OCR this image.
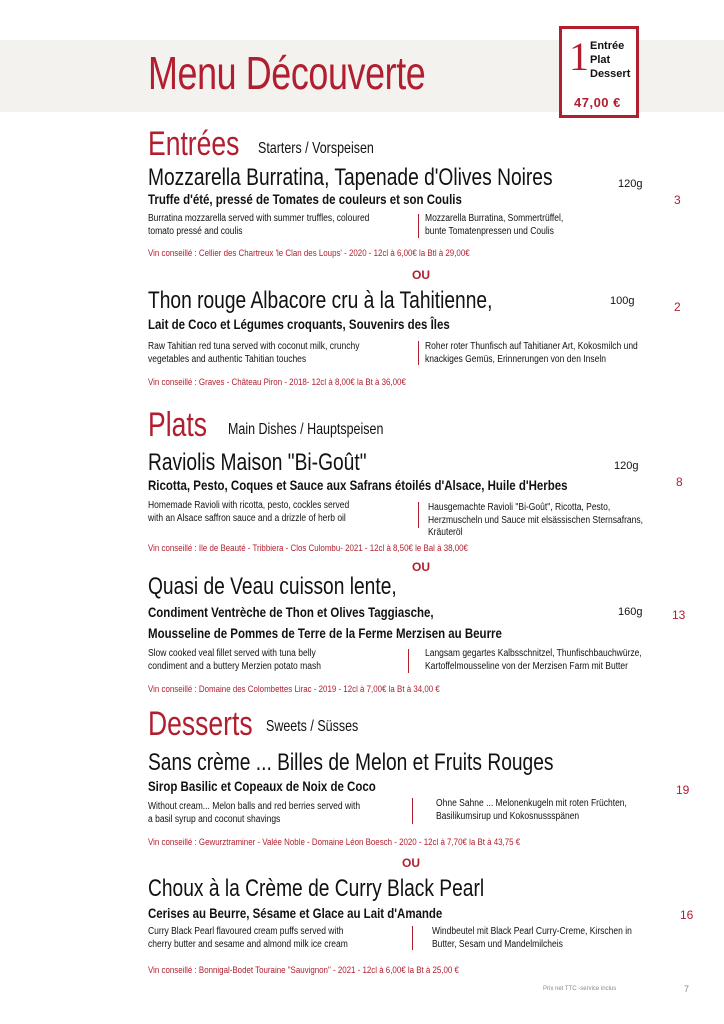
Menu Découverte	1 Entrée
Plat
Dessert
47,00 €
Entrées Starters / Vorspeisen
Mozzarella Burratina, Tapenade d'Olives Noires	120g
3
Truffe d'été, pressé de Tomates de couleurs et son Coulis
Burratina mozzarella served with summer truffles, coloured
tomato pressé and coulis
Mozzarella Burratina, Sommertrüffel,
bunte Tomatenpressen und Coulis
Vin conseillé : Cellier des Chartreux 'le Clan des Loups' - 2020 - 12cl à 6,00€ la Btl à 29,00€
OU
Thon rouge Albacore cru à la Tahitienne,	100g	2
Lait de Coco et Légumes croquants, Souvenirs des Îles
Raw Tahitian red tuna served with coconut milk, crunchy
vegetables and authentic Tahitian touches
Roher roter Thunfisch auf Tahitianer Art, Kokosmilch und
knackiges Gemüs, Erinnerungen von den Inseln
Vin conseillé : Graves - Château Piron - 2018- 12cl à 8,00€ la Bt à 36,00€
Plats Main Dishes / Hauptspeisen
Raviolis Maison "Bi-Goût"	120g
8
Ricotta, Pesto, Coques et Sauce aux Safrans étoilés d'Alsace, Huile d'Herbes
Homemade Ravioli with ricotta, pesto, cockles served
with an Alsace saffron sauce and a drizzle of herb oil
Hausgemachte Ravioli "Bi-Goût", Ricotta, Pesto,
Herzmuscheln und Sauce mit elsässischen Sternsafrans,
Kräuteröl
Vin conseillé : Ile de Beauté - Tribbiera - Clos Culombu- 2021 - 12cl à 8,50€ le Bal à 38,00€
OU
Quasi de Veau cuisson lente,
160g 13
Condiment Ventrèche de Thon et Olives Taggiasche,
Mousseline de Pommes de Terre de la Ferme Merzisen au Beurre
Slow cooked veal fillet served with tuna belly
condiment and a buttery Merzien potato mash
Langsam gegartes Kalbsschnitzel, Thunfischbauchwürze,
Kartoffelmousseline von der Merzisen Farm mit Butter
Vin conseillé : Domaine des Colombettes Lirac - 2019 - 12cl à 7,00€ la Bt à 34,00 €
Desserts Sweets / Süsses
Sans crème ... Billes de Melon et Fruits Rouges
19
Sirop Basilic et Copeaux de Noix de Coco
Without cream... Melon balls and red berries served with
a basil syrup and coconut shavings
Ohne Sahne ... Melonenkugeln mit roten Früchten,
Basilikumsirup und Kokosnussspänen
Vin conseillé : Gewurztraminer - Valée Noble - Domaine Léon Boesch - 2020 - 12cl à 7,70€ la Bt à 43,75 €
OU
Choux à la Crème de Curry Black Pearl
16
Cerises au Beurre, Sésame et Glace au Lait d'Amande
Curry Black Pearl flavoured cream puffs served with
cherry butter and sesame and almond milk ice cream
Windbeutel mit Black Pearl Curry-Creme, Kirschen in
Butter, Sesam und Mandelmilcheis
Vin conseillé : Bonnigal-Bodet Touraine "Sauvignon" - 2021 - 12cl à 6,00€ la Bt à 25,00 €
Prix net TTC -service inclus	7
